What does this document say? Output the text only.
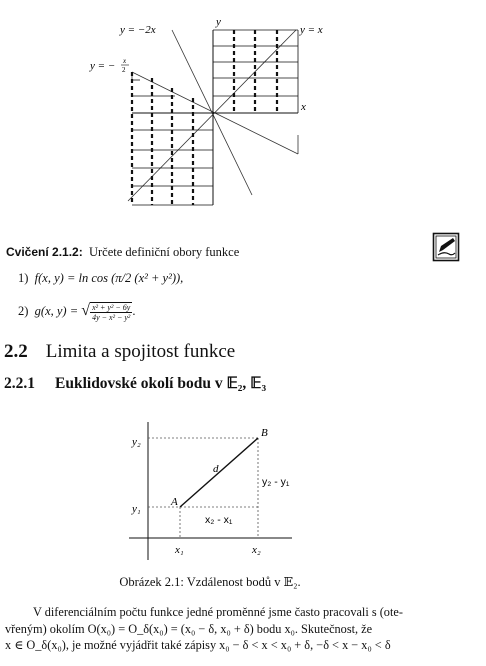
y = −2x
y
y = x
y = − x
2
x
Cvičení 2.1.2: Určete definiční obory funkce
1) f(x, y) = ln cos (π/2 (x² + y²)),
2) g(x, y) = √ $\frac{\text{x² + y² − 6y}}{\text{4y − x² − y²}}$ .
2.2 Limita a spojitost funkce
2.2.1 Euklidovské okolí bodu v 𝔼₂, 𝔼₃
y₂
y₁
B
A
d
y₂ - y₁
x₂ - x₁
x₁	x₂
Obrázek 2.1: Vzdálenost bodů v 𝔼₂.
V diferenciálním počtu funkce jedné proměnné jsme často pracovali s (ote-
vřeným) okolím O(x₀) = O_δ(x₀) = (x₀ − δ, x₀ + δ) bodu x₀. Skutečnost, že
x ∈ O_δ(x₀), je možné vyjádřit také zápisy x₀ − δ < x < x₀ + δ, −δ < x − x₀ < δ
